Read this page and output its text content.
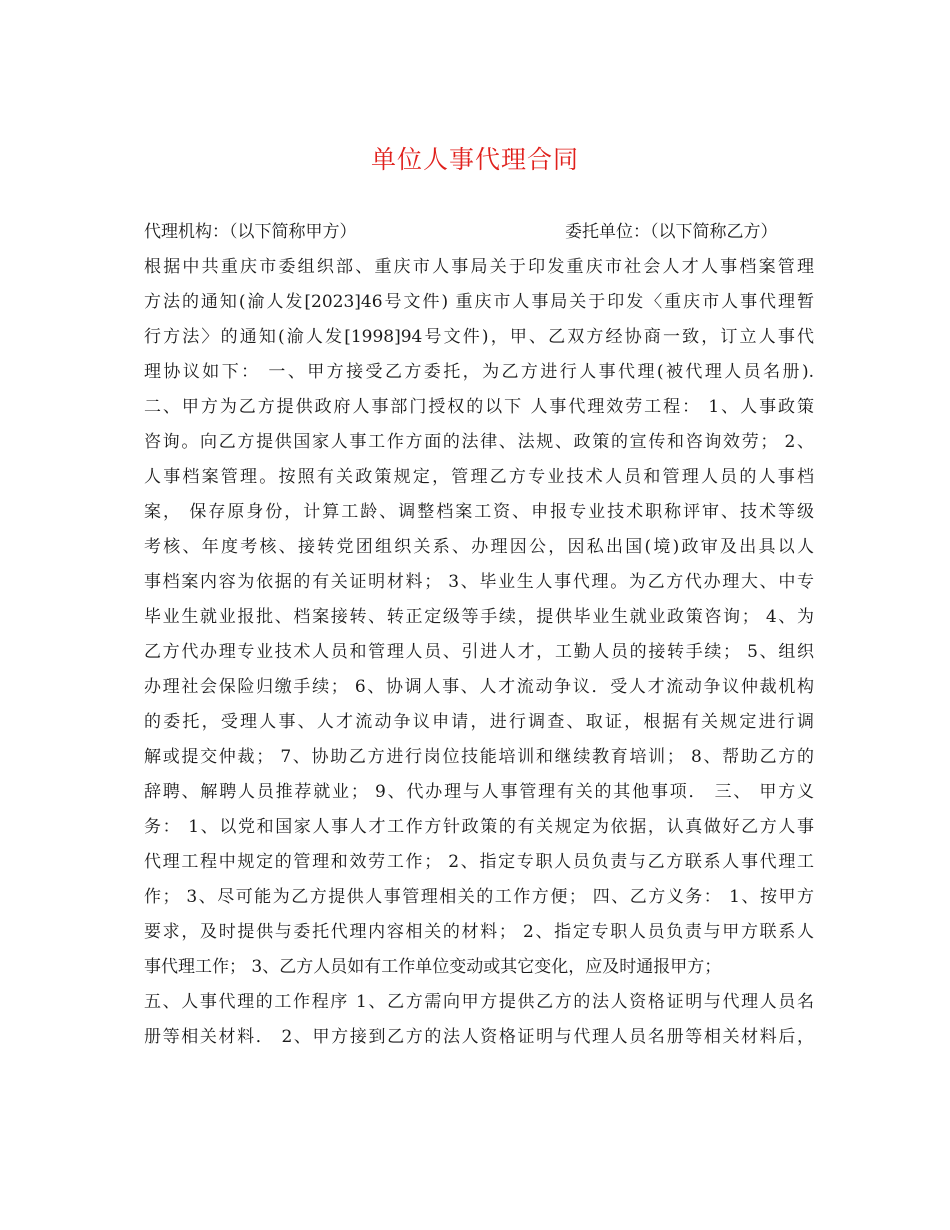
单位人事代理合同
代理机构：（以下简称甲方）	委托单位：（以下简称乙方）
根据中共重庆市委组织部、重庆市人事局关于印发重庆市社会人才人事档案管理
方法的通知(渝人发[2023]46号文件) 重庆市人事局关于印发〈重庆市人事代理暂
行方法〉的通知(渝人发[1998]94号文件)，甲、乙双方经协商一致，订立人事代
理协议如下： 一、甲方接受乙方委托，为乙方进行人事代理(被代理人员名册).
二、甲方为乙方提供政府人事部门授权的以下 人事代理效劳工程： 1、人事政策
咨询。向乙方提供国家人事工作方面的法律、法规、政策的宣传和咨询效劳； 2、
人事档案管理。按照有关政策规定，管理乙方专业技术人员和管理人员的人事档
案， 保存原身份，计算工龄、调整档案工资、申报专业技术职称评审、技术等级
考核、年度考核、接转党团组织关系、办理因公，因私出国(境)政审及出具以人
事档案内容为依据的有关证明材料； 3、毕业生人事代理。为乙方代办理大、中专
毕业生就业报批、档案接转、转正定级等手续，提供毕业生就业政策咨询； 4、为
乙方代办理专业技术人员和管理人员、引进人才，工勤人员的接转手续； 5、组织
办理社会保险归缴手续； 6、协调人事、人才流动争议．受人才流动争议仲裁机构
的委托，受理人事、人才流动争议申请，进行调查、取证，根据有关规定进行调
解或提交仲裁； 7、协助乙方进行岗位技能培训和继续教育培训； 8、帮助乙方的
辞聘、解聘人员推荐就业； 9、代办理与人事管理有关的其他事项． 三、 甲方义
务： 1、以党和国家人事人才工作方针政策的有关规定为依据，认真做好乙方人事
代理工程中规定的管理和效劳工作； 2、指定专职人员负责与乙方联系人事代理工
作； 3、尽可能为乙方提供人事管理相关的工作方便； 四、乙方义务： 1、按甲方
要求，及时提供与委托代理内容相关的材料； 2、指定专职人员负责与甲方联系人
事代理工作； 3、乙方人员如有工作单位变动或其它变化，应及时通报甲方；
五、人事代理的工作程序 1、乙方需向甲方提供乙方的法人资格证明与代理人员名
册等相关材料． 2、甲方接到乙方的法人资格证明与代理人员名册等相关材料后，
